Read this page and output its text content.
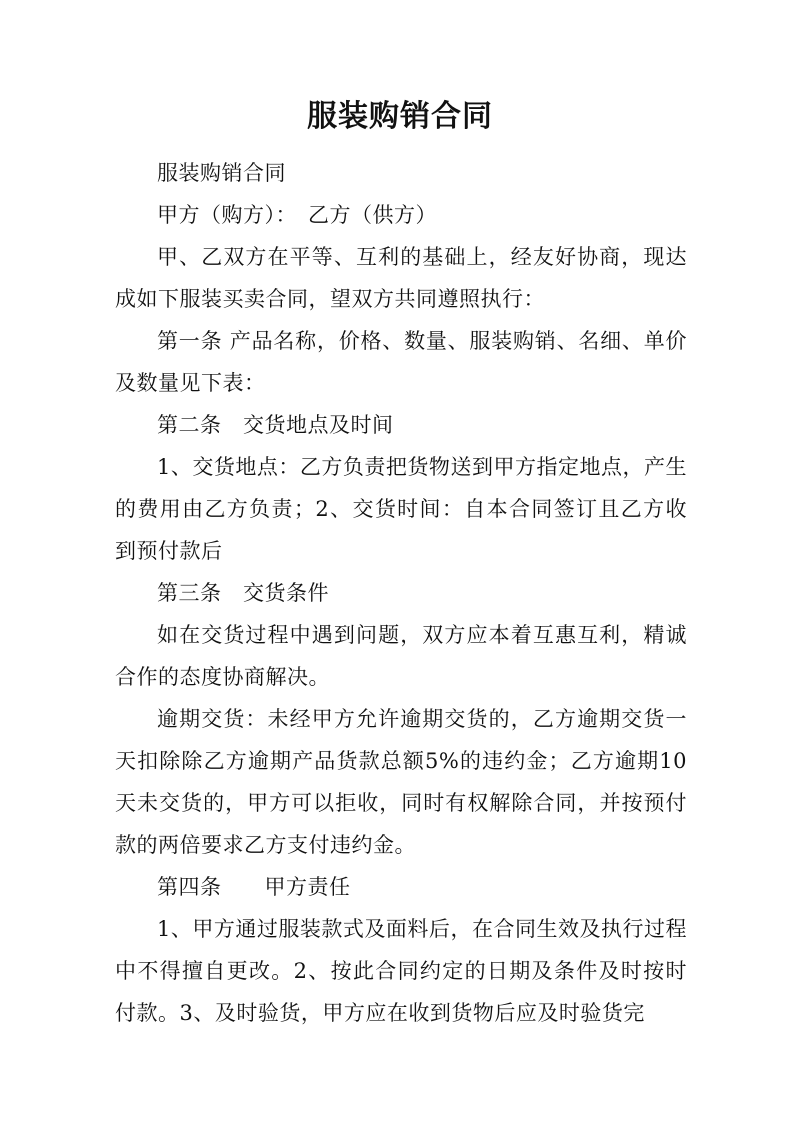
服装购销合同

服装购销合同

甲方（购方）：　乙方（供方）

甲、乙双方在平等、互利的基础上，经友好协商，现达成如下服装买卖合同，望双方共同遵照执行：

第一条 产品名称，价格、数量、服装购销、名细、单价及数量见下表：

第二条　交货地点及时间

1、交货地点：乙方负责把货物送到甲方指定地点，产生的费用由乙方负责；2、交货时间：自本合同签订且乙方收到预付款后

第三条　交货条件

如在交货过程中遇到问题，双方应本着互惠互利，精诚合作的态度协商解决。

逾期交货：未经甲方允许逾期交货的，乙方逾期交货一天扣除除乙方逾期产品货款总额5%的违约金；乙方逾期10天未交货的，甲方可以拒收，同时有权解除合同，并按预付款的两倍要求乙方支付违约金。

第四条　　甲方责任

1、甲方通过服装款式及面料后，在合同生效及执行过程中不得擅自更改。2、按此合同约定的日期及条件及时按时付款。3、及时验货，甲方应在收到货物后应及时验货完
